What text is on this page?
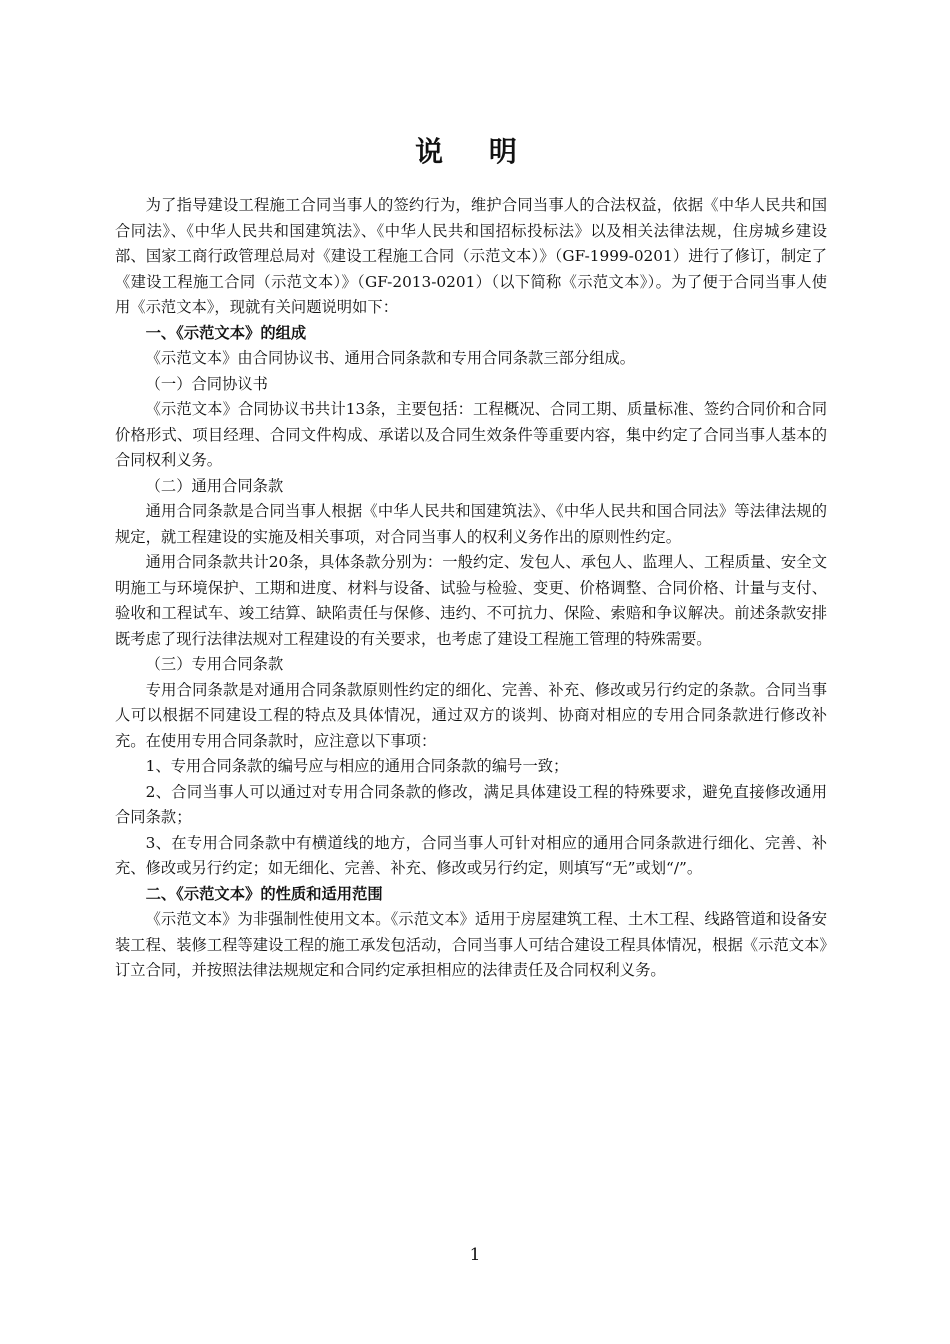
说 明

为了指导建设工程施工合同当事人的签约行为，维护合同当事人的合法权益，依据《中华人民共和国合同法》、《中华人民共和国建筑法》、《中华人民共和国招标投标法》以及相关法律法规，住房城乡建设部、国家工商行政管理总局对《建设工程施工合同（示范文本）》（GF-1999-0201）进行了修订，制定了《建设工程施工合同（示范文本）》（GF-2013-0201）（以下简称《示范文本》）。为了便于合同当事人使用《示范文本》，现就有关问题说明如下：

一、《示范文本》的组成

《示范文本》由合同协议书、通用合同条款和专用合同条款三部分组成。

（一）合同协议书

《示范文本》合同协议书共计13条，主要包括：工程概况、合同工期、质量标准、签约合同价和合同价格形式、项目经理、合同文件构成、承诺以及合同生效条件等重要内容，集中约定了合同当事人基本的合同权利义务。

（二）通用合同条款

通用合同条款是合同当事人根据《中华人民共和国建筑法》、《中华人民共和国合同法》等法律法规的规定，就工程建设的实施及相关事项，对合同当事人的权利义务作出的原则性约定。

通用合同条款共计20条，具体条款分别为：一般约定、发包人、承包人、监理人、工程质量、安全文明施工与环境保护、工期和进度、材料与设备、试验与检验、变更、价格调整、合同价格、计量与支付、验收和工程试车、竣工结算、缺陷责任与保修、违约、不可抗力、保险、索赔和争议解决。前述条款安排既考虑了现行法律法规对工程建设的有关要求，也考虑了建设工程施工管理的特殊需要。

（三）专用合同条款

专用合同条款是对通用合同条款原则性约定的细化、完善、补充、修改或另行约定的条款。合同当事人可以根据不同建设工程的特点及具体情况，通过双方的谈判、协商对相应的专用合同条款进行修改补充。在使用专用合同条款时，应注意以下事项：

1、专用合同条款的编号应与相应的通用合同条款的编号一致；

2、合同当事人可以通过对专用合同条款的修改，满足具体建设工程的特殊要求，避免直接修改通用合同条款；

3、在专用合同条款中有横道线的地方，合同当事人可针对相应的通用合同条款进行细化、完善、补充、修改或另行约定；如无细化、完善、补充、修改或另行约定，则填写“无”或划“/”。

二、《示范文本》的性质和适用范围

《示范文本》为非强制性使用文本。《示范文本》适用于房屋建筑工程、土木工程、线路管道和设备安装工程、装修工程等建设工程的施工承发包活动，合同当事人可结合建设工程具体情况，根据《示范文本》订立合同，并按照法律法规规定和合同约定承担相应的法律责任及合同权利义务。

1
